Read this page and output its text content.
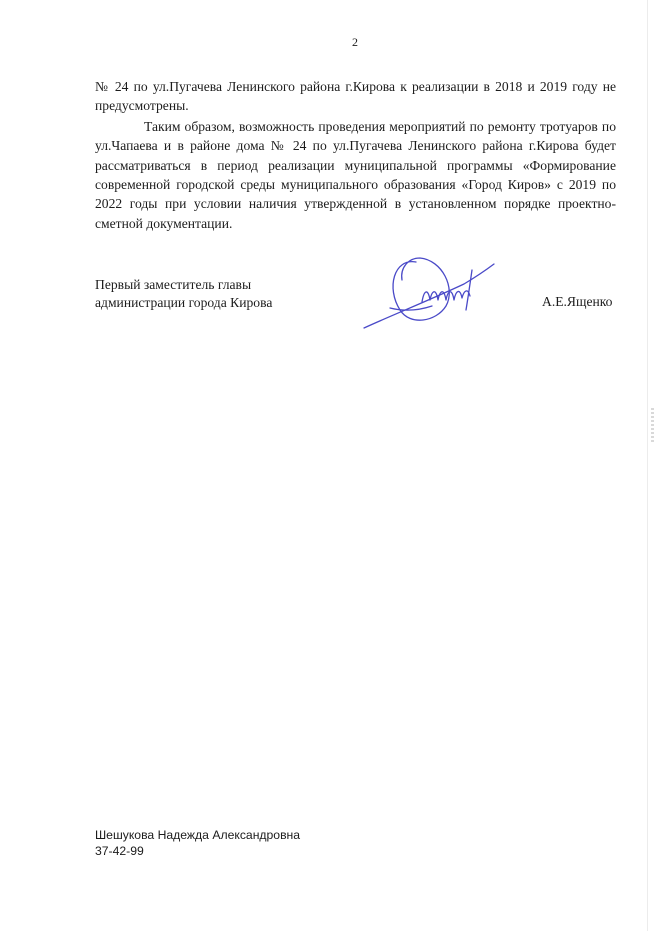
2

№ 24 по ул.Пугачева Ленинского района г.Кирова к реализации в 2018 и 2019 году не предусмотрены.

Таким образом, возможность проведения мероприятий по ремонту тротуаров по ул.Чапаева и в районе дома № 24 по ул.Пугачева Ленинского района г.Кирова будет рассматриваться в период реализации муниципальной программы «Формирование современной городской среды муниципального образования «Город Киров» с 2019 по 2022 годы при условии наличия утвержденной в установленном порядке проектно-сметной документации.

Первый заместитель главы
администрации города Кирова	А.Е.Ященко
Шешукова Надежда Александровна
37-42-99
